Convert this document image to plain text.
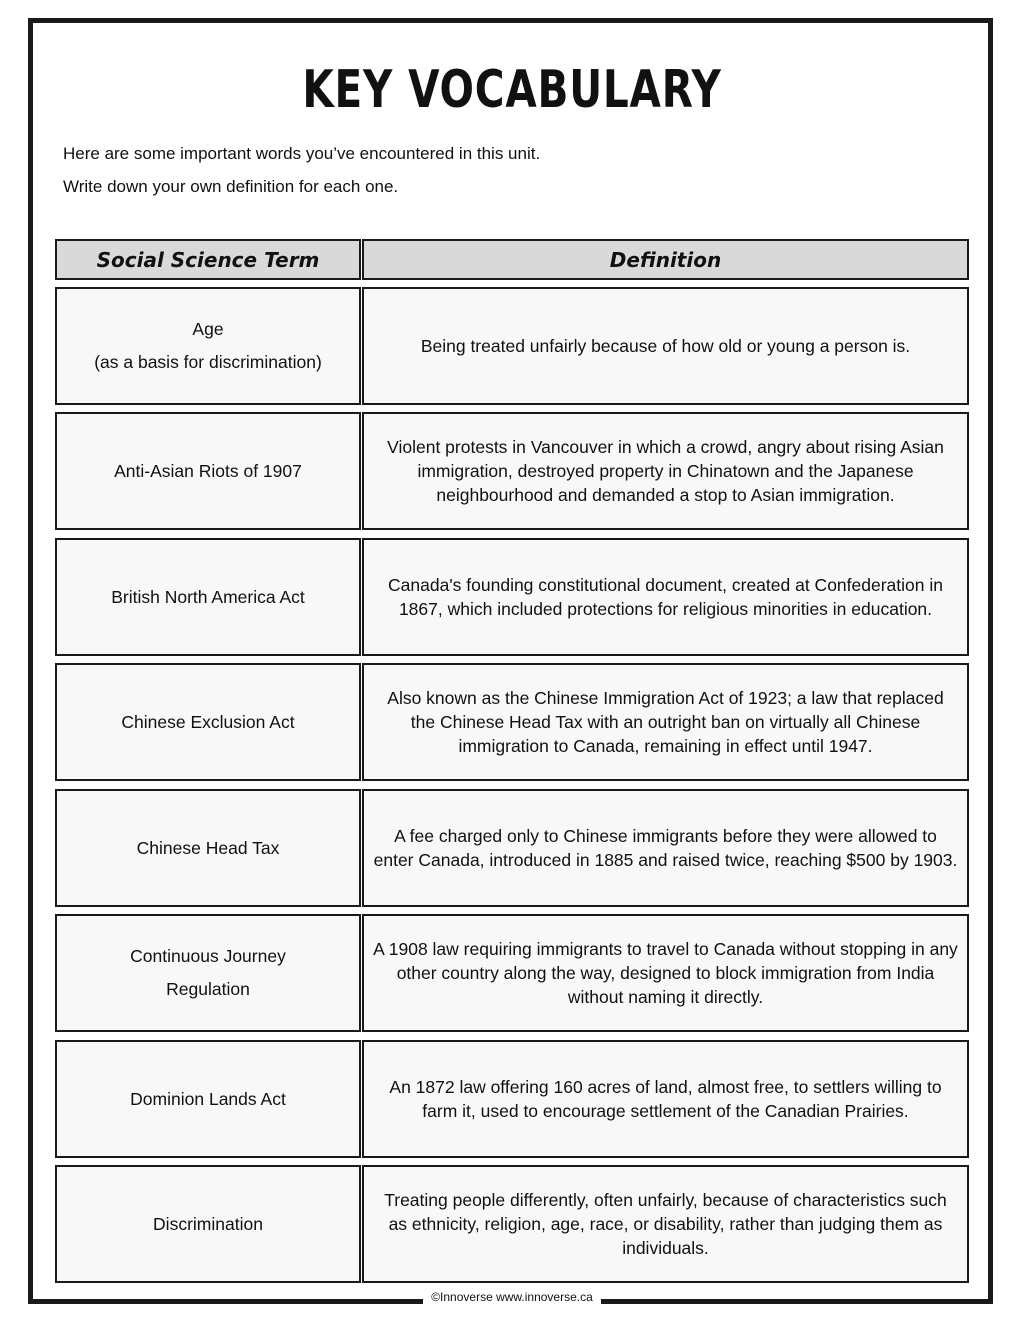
KEY VOCABULARY

Here are some important words you’ve encountered in this unit.

Write down your own definition for each one.

Social Science Term	Definition
Age
(as a basis for discrimination)
Being treated unfairly because of how old or young a person is.
Anti-Asian Riots of 1907
Violent protests in Vancouver in which a crowd, angry about rising Asian immigration, destroyed property in Chinatown and the Japanese neighbourhood and demanded a stop to Asian immigration.
British North America Act
Canada's founding constitutional document, created at Confederation in 1867, which included protections for religious minorities in education.
Chinese Exclusion Act
Also known as the Chinese Immigration Act of 1923; a law that replaced the Chinese Head Tax with an outright ban on virtually all Chinese immigration to Canada, remaining in effect until 1947.
Chinese Head Tax
A fee charged only to Chinese immigrants before they were allowed to enter Canada, introduced in 1885 and raised twice, reaching $500 by 1903.
Continuous Journey
Regulation
A 1908 law requiring immigrants to travel to Canada without stopping in any other country along the way, designed to block immigration from India without naming it directly.
Dominion Lands Act
An 1872 law offering 160 acres of land, almost free, to settlers willing to farm it, used to encourage settlement of the Canadian Prairies.
Discrimination
Treating people differently, often unfairly, because of characteristics such as ethnicity, religion, age, race, or disability, rather than judging them as individuals.
©Innoverse www.innoverse.ca
